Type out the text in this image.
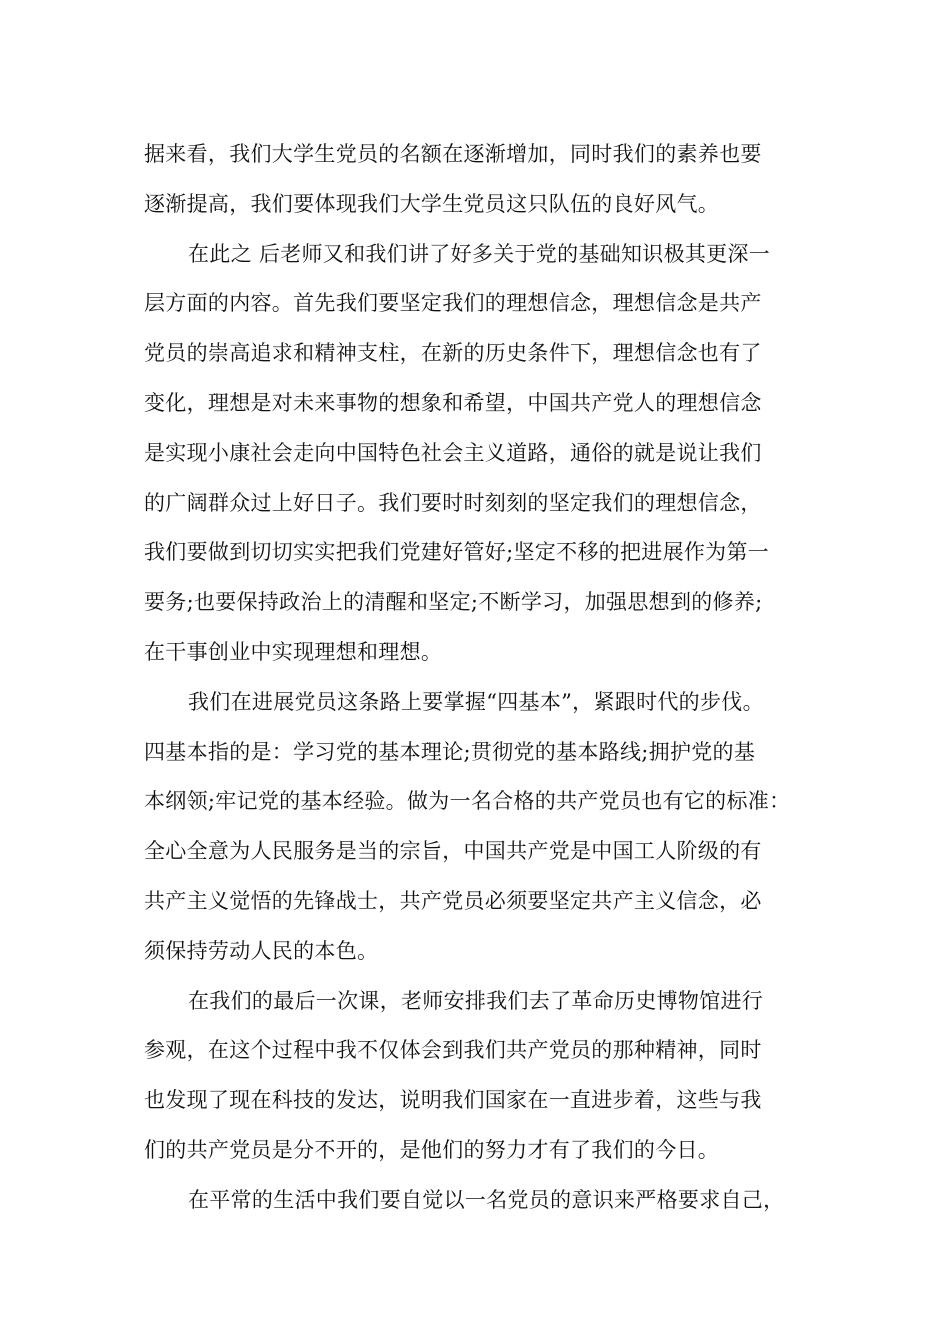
据来看，我们大学生党员的名额在逐渐增加，同时我们的素养也要
逐渐提高，我们要体现我们大学生党员这只队伍的良好风气。
在此之 后老师又和我们讲了好多关于党的基础知识极其更深一
层方面的内容。首先我们要坚定我们的理想信念，理想信念是共产
党员的崇高追求和精神支柱，在新的历史条件下，理想信念也有了
变化，理想是对未来事物的想象和希望，中国共产党人的理想信念
是实现小康社会走向中国特色社会主义道路，通俗的就是说让我们
的广阔群众过上好日子。我们要时时刻刻的坚定我们的理想信念，
我们要做到切切实实把我们党建好管好;坚定不移的把进展作为第一
要务;也要保持政治上的清醒和坚定;不断学习，加强思想到的修养;
在干事创业中实现理想和理想。
我们在进展党员这条路上要掌握“四基本”，紧跟时代的步伐。
四基本指的是：学习党的基本理论;贯彻党的基本路线;拥护党的基
本纲领;牢记党的基本经验。做为一名合格的共产党员也有它的标准：
全心全意为人民服务是当的宗旨，中国共产党是中国工人阶级的有
共产主义觉悟的先锋战士，共产党员必须要坚定共产主义信念，必
须保持劳动人民的本色。
在我们的最后一次课，老师安排我们去了革命历史博物馆进行
参观，在这个过程中我不仅体会到我们共产党员的那种精神，同时
也发现了现在科技的发达，说明我们国家在一直进步着，这些与我
们的共产党员是分不开的，是他们的努力才有了我们的今日。
在平常的生活中我们要自觉以一名党员的意识来严格要求自己，
